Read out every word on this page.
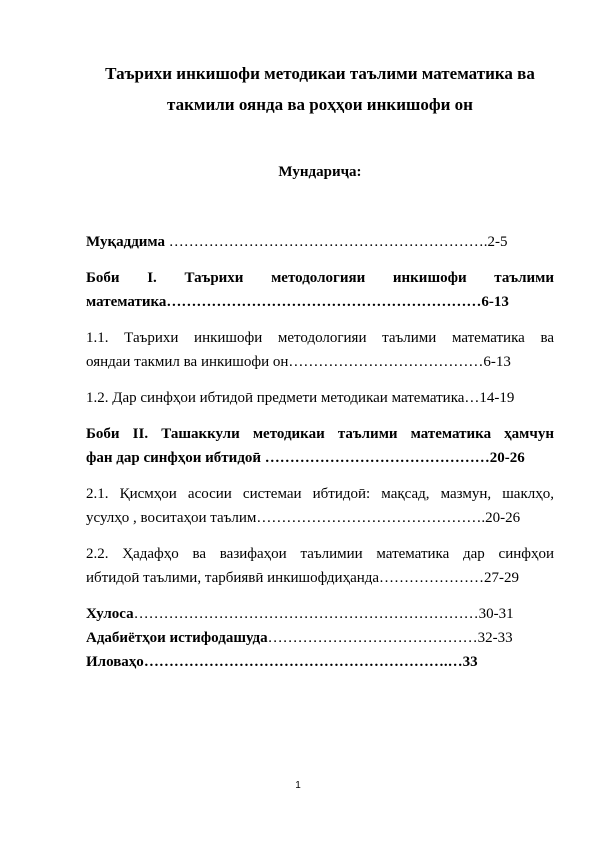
Таърихи инкишофи методикаи таълими математика ва
такмили оянда ва роҳҳои инкишофи он
Мундариҷа:

Муқаддима ……………………………………………………….2-5

Боби I. Таърихи методологияи инкишофи таълими
математика………………………………………………………6-13
1.1. Таърихи инкишофи методологияи таълими математика ва
ояндаи такмил ва инкишофи он…………………………………6-13
1.2. Дар синфҳои ибтидоӣ предмети методикаи математика…14-19
Боби II. Ташаккули методикаи таълими математика ҳамчун
фан дар синфҳои ибтидоӣ ………………………………………20-26
2.1. Қисмҳои асосии системаи ибтидоӣ: мақсад, мазмун, шаклҳо,
усулҳо , воситаҳои таълим……………………………………….20-26
2.2. Ҳадафҳо ва вазифаҳои таълимии математика дар синфҳои
ибтидоӣ таълими, тарбиявӣ инкишофдиҳанда…………………27-29

Хулоса……………………………………………………………30-31

Адабиётҳои истифодашуда……………………………………32-33

Иловаҳо…………………………………………………….…33

1
